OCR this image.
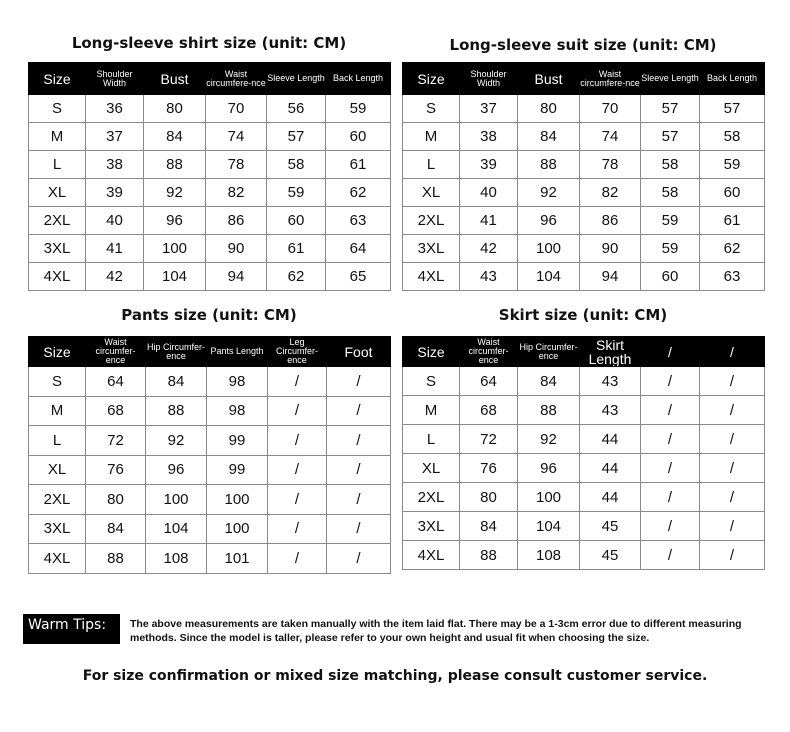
Long-sleeve shirt size (unit: CM)
Size	Shoulder Width	Bust	Waist circumfere-nce	Sleeve Length	Back Length
S	36	80	70	56	59
M	37	84	74	57	60
L	38	88	78	58	61
XL	39	92	82	59	62
2XL	40	96	86	60	63
3XL	41	100	90	61	64
4XL	42	104	94	62	65
Long-sleeve suit size (unit: CM)
Size	Shoulder Width	Bust	Waist circumfere-nce	Sleeve Length	Back Length
S	37	80	70	57	57
M	38	84	74	57	58
L	39	88	78	58	59
XL	40	92	82	58	60
2XL	41	96	86	59	61
3XL	42	100	90	59	62
4XL	43	104	94	60	63
Pants size (unit: CM)
Size	Waist circumfer-ence	Hip Circumfer-ence	Pants Length	Leg Circumfer-ence	Foot
S	64	84	98	/	/
M	68	88	98	/	/
L	72	92	99	/	/
XL	76	96	99	/	/
2XL	80	100	100	/	/
3XL	84	104	100	/	/
4XL	88	108	101	/	/
Skirt size (unit: CM)
Size	Waist circumfer-ence	Hip Circumfer-ence	Skirt Length	/	/
S	64	84	43	/	/
M	68	88	43	/	/
L	72	92	44	/	/
XL	76	96	44	/	/
2XL	80	100	44	/	/
3XL	84	104	45	/	/
4XL	88	108	45	/	/
Warm Tips:	The above measurements are taken manually with the item laid flat. There may be a 1-3cm error due to different measuring methods. Since the model is taller, please refer to your own height and usual fit when choosing the size.
For size confirmation or mixed size matching, please consult customer service.
